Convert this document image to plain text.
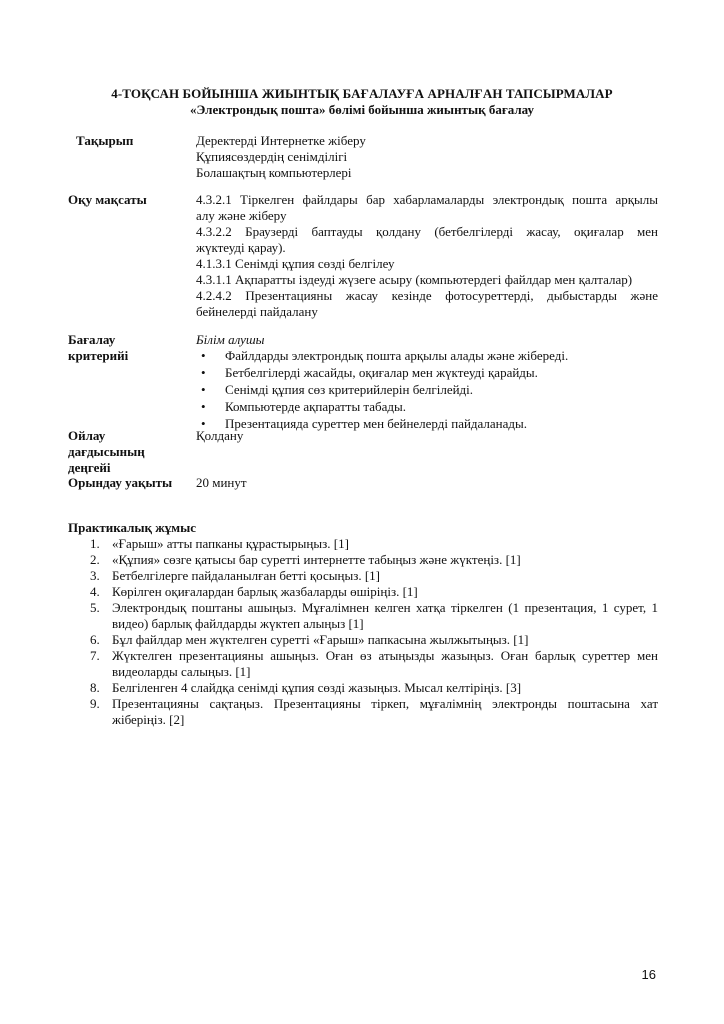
4-ТОҚСАН БОЙЫНША ЖИЫНТЫҚ БАҒАЛАУҒА АРНАЛҒАН ТАПСЫРМАЛАР
«Электрондық пошта» бөлімі бойынша жиынтық бағалау
Тақырып	Деректерді Интернетке жіберу
Құпиясөздердің сенімділігі
Болашақтың компьютерлері
Оқу мақсаты	4.3.2.1 Тіркелген файлдары бар хабарламаларды электрондық пошта арқылы
алу және жіберу
4.3.2.2 Браузерді баптауды қолдану (бетбелгілерді жасау, оқиғалар мен
жүктеуді қарау).
4.1.3.1 Сенімді құпия сөзді белгілеу
4.3.1.1 Ақпаратты іздеуді жүзеге асыру (компьютердегі файлдар мен қалталар)
4.2.4.2 Презентацияны жасау кезінде фотосуреттерді, дыбыстарды және
бейнелерді пайдалану
Бағалау
критерийі
Білім алушы
• Файлдарды электрондық пошта арқылы алады және жібереді.
• Бетбелгілерді жасайды, оқиғалар мен жүктеуді қарайды.
• Сенімді құпия сөз критерийлерін белгілейді.
• Компьютерде ақпаратты табады.
• Презентацияда суреттер мен бейнелерді пайдаланады.
Ойлау
дағдысының
деңгейі
Қолдану
Орындау уақыты 20 минут
Практикалық жұмыс
1. «Ғарыш» атты папканы құрастырыңыз. [1]
2. «Құпия» сөзге қатысы бар суретті интернетте табыңыз және жүктеңіз. [1]
3. Бетбелгілерге пайдаланылған бетті қосыңыз. [1]
4. Көрілген оқиғалардан барлық жазбаларды өшіріңіз. [1]
5. Электрондық поштаны ашыңыз. Мұғалімнен келген хатқа тіркелген (1 презентация, 1 сурет, 1 видео) барлық файлдарды жүктеп алыңыз [1]
6. Бұл файлдар мен жүктелген суретті «Ғарыш» папкасына жылжытыңыз. [1]
7. Жүктелген презентацияны ашыңыз. Оған өз атыңызды жазыңыз. Оған барлық суреттер мен видеоларды салыңыз. [1]
8. Белгіленген 4 слайдқа сенімді құпия сөзді жазыңыз. Мысал келтіріңіз. [3]
9. Презентацияны сақтаңыз. Презентацияны тіркеп, мұғалімнің электронды поштасына хат жіберіңіз. [2]
16
